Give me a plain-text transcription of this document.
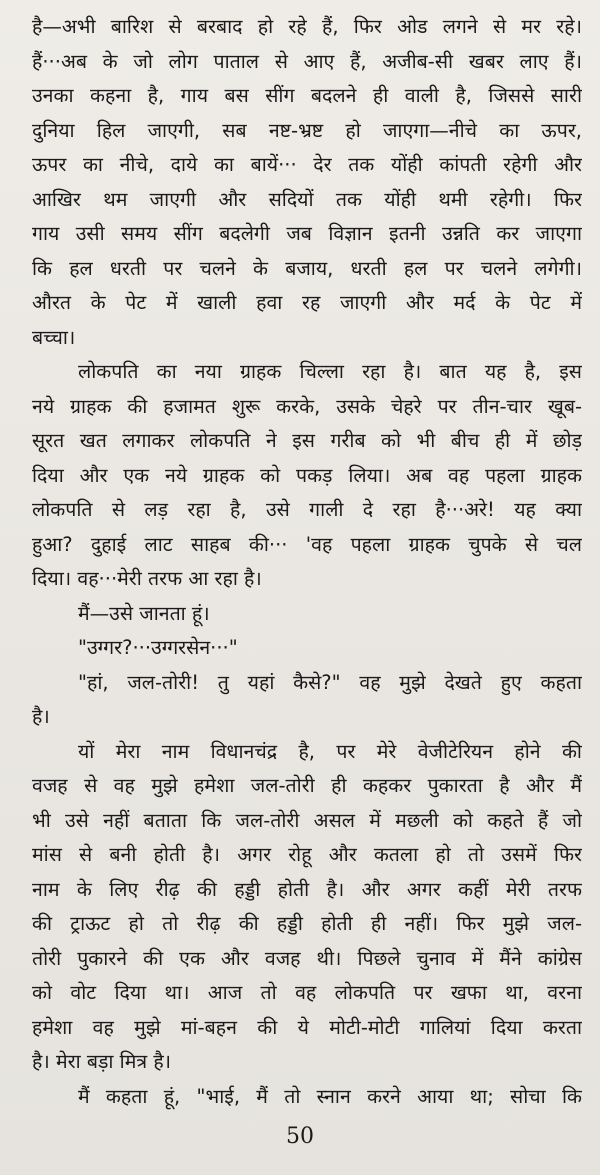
है—अभी बारिश से बरबाद हो रहे हैं, फिर ओड लगने से मर रहे।
हैं···अब के जो लोग पाताल से आए हैं, अजीब-सी खबर लाए हैं।
उनका कहना है, गाय बस सींग बदलने ही वाली है, जिससे सारी
दुनिया हिल जाएगी, सब नष्ट-भ्रष्ट हो जाएगा—नीचे का ऊपर,
ऊपर का नीचे, दाये का बायें··· देर तक योंही कांपती रहेगी और
आखिर थम जाएगी और सदियों तक योंही थमी रहेगी। फिर
गाय उसी समय सींग बदलेगी जब विज्ञान इतनी उन्नति कर जाएगा
कि हल धरती पर चलने के बजाय, धरती हल पर चलने लगेगी।
औरत के पेट में खाली हवा रह जाएगी और मर्द के पेट में
बच्चा।
लोकपति का नया ग्राहक चिल्ला रहा है। बात यह है, इस
नये ग्राहक की हजामत शुरू करके, उसके चेहरे पर तीन-चार खूब-
सूरत खत लगाकर लोकपति ने इस गरीब को भी बीच ही में छोड़
दिया और एक नये ग्राहक को पकड़ लिया। अब वह पहला ग्राहक
लोकपति से लड़ रहा है, उसे गाली दे रहा है···अरे! यह क्या
हुआ? दुहाई लाट साहब की··· 'वह पहला ग्राहक चुपके से चल
दिया। वह···मेरी तरफ आ रहा है।
मैं—उसे जानता हूं।
"उग्गर?···उग्गरसेन···"
"हां, जल-तोरी! तु यहां कैसे?" वह मुझे देखते हुए कहता
है।
यों मेरा नाम विधानचंद्र है, पर मेरे वेजीटेरियन होने की
वजह से वह मुझे हमेशा जल-तोरी ही कहकर पुकारता है और मैं
भी उसे नहीं बताता कि जल-तोरी असल में मछली को कहते हैं जो
मांस से बनी होती है। अगर रोहू और कतला हो तो उसमें फिर
नाम के लिए रीढ़ की हड्डी होती है। और अगर कहीं मेरी तरफ
की ट्राऊट हो तो रीढ़ की हड्डी होती ही नहीं। फिर मुझे जल-
तोरी पुकारने की एक और वजह थी। पिछले चुनाव में मैंने कांग्रेस
को वोट दिया था। आज तो वह लोकपति पर खफा था, वरना
हमेशा वह मुझे मां-बहन की ये मोटी-मोटी गालियां दिया करता
है। मेरा बड़ा मित्र है।
मैं कहता हूं, "भाई, मैं तो स्नान करने आया था; सोचा कि
50
